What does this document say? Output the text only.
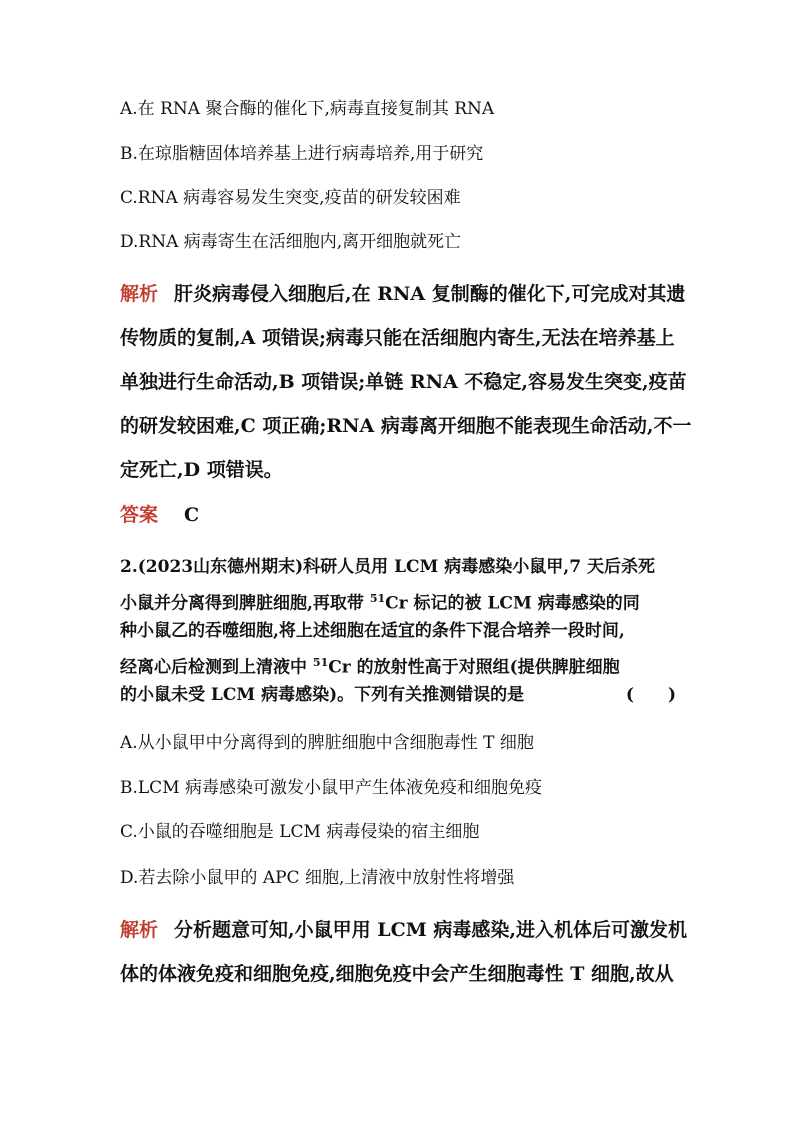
A.在 RNA 聚合酶的催化下,病毒直接复制其 RNA
B.在琼脂糖固体培养基上进行病毒培养,用于研究
C.RNA 病毒容易发生突变,疫苗的研发较困难
D.RNA 病毒寄生在活细胞内,离开细胞就死亡
解析 肝炎病毒侵入细胞后,在 RNA 复制酶的催化下,可完成对其遗
传物质的复制,A 项错误;病毒只能在活细胞内寄生,无法在培养基上
单独进行生命活动,B 项错误;单链 RNA 不稳定,容易发生突变,疫苗
的研发较困难,C 项正确;RNA 病毒离开细胞不能表现生命活动,不一
定死亡,D 项错误。
答案 C
2.(2023山东德州期末)科研人员用 LCM 病毒感染小鼠甲,7 天后杀死
小鼠并分离得到脾脏细胞,再取带 $^{51}$Cr 标记的被 LCM 病毒感染的同
种小鼠乙的吞噬细胞,将上述细胞在适宜的条件下混合培养一段时间,
经离心后检测到上清液中 $^{51}$Cr 的放射性高于对照组(提供脾脏细胞
的小鼠未受 LCM 病毒感染)。下列有关推测错误的是	(　　)
A.从小鼠甲中分离得到的脾脏细胞中含细胞毒性 T 细胞
B.LCM 病毒感染可激发小鼠甲产生体液免疫和细胞免疫
C.小鼠的吞噬细胞是 LCM 病毒侵染的宿主细胞
D.若去除小鼠甲的 APC 细胞,上清液中放射性将增强
解析 分析题意可知,小鼠甲用 LCM 病毒感染,进入机体后可激发机
体的体液免疫和细胞免疫,细胞免疫中会产生细胞毒性 T 细胞,故从
